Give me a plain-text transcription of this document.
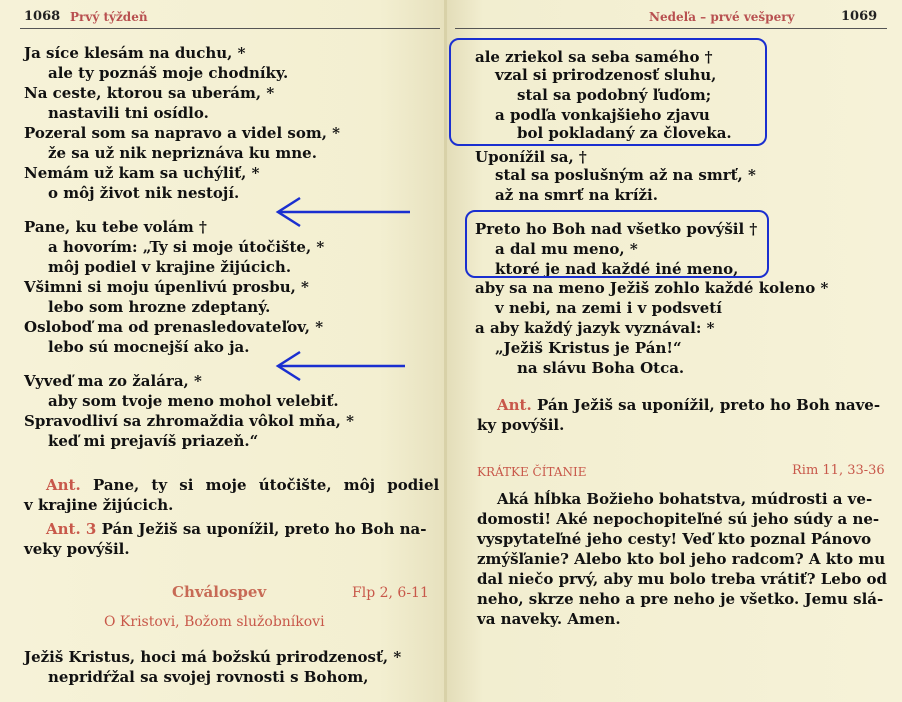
1068 Prvý týždeň
Ja síce klesám na duchu, *
ale ty poznáš moje chodníky.
Na ceste, ktorou sa uberám, *
nastavili tni osídlo.
Pozeral som sa napravo a videl som, *
že sa už nik nepriznáva ku mne.
Nemám už kam sa uchýliť, *
o môj život nik nestojí.
Pane, ku tebe volám †
a hovorím: „Ty si moje útočište, *
môj podiel v krajine žijúcich.
Všimni si moju úpenlivú prosbu, *
lebo som hrozne zdeptaný.
Osloboď ma od prenasledovateľov, *
lebo sú mocnejší ako ja.
Vyveď ma zo žalára, *
aby som tvoje meno mohol velebiť.
Spravodliví sa zhromaždia vôkol mňa, *
keď mi prejavíš priazeň.“
Ant. Pane, ty si moje útočište, môj podiel
v krajine žijúcich.
Ant. 3 Pán Ježiš sa uponížil, preto ho Boh na-
veky povýšil.
Chválospev	Flp 2, 6-11
O Kristovi, Božom služobníkovi
Ježiš Kristus, hoci má božskú prirodzenosť, *
nepridŕžal sa svojej rovnosti s Bohom,
Nedeľa – prvé vešpery	1069
ale zriekol sa seba samého †
vzal si prirodzenosť sluhu,
stal sa podobný ľuďom;
a podľa vonkajšieho zjavu
bol pokladaný za človeka.
Uponížil sa, †
stal sa poslušným až na smrť, *
až na smrť na kríži.
Preto ho Boh nad všetko povýšil †
a dal mu meno, *
ktoré je nad každé iné meno,
aby sa na meno Ježiš zohlo každé koleno *
v nebi, na zemi i v podsvetí
a aby každý jazyk vyznával: *
„Ježiš Kristus je Pán!“
na slávu Boha Otca.
Ant. Pán Ježiš sa uponížil, preto ho Boh nave-
ky povýšil.
KRÁTKE ČÍTANIE	Rim 11, 33-36
Aká hĺbka Božieho bohatstva, múdrosti a ve-
domosti! Aké nepochopiteľné sú jeho súdy a ne-
vyspytateľné jeho cesty! Veď kto poznal Pánovo
zmýšľanie? Alebo kto bol jeho radcom? A kto mu
dal niečo prvý, aby mu bolo treba vrátiť? Lebo od
neho, skrze neho a pre neho je všetko. Jemu slá-
va naveky. Amen.
